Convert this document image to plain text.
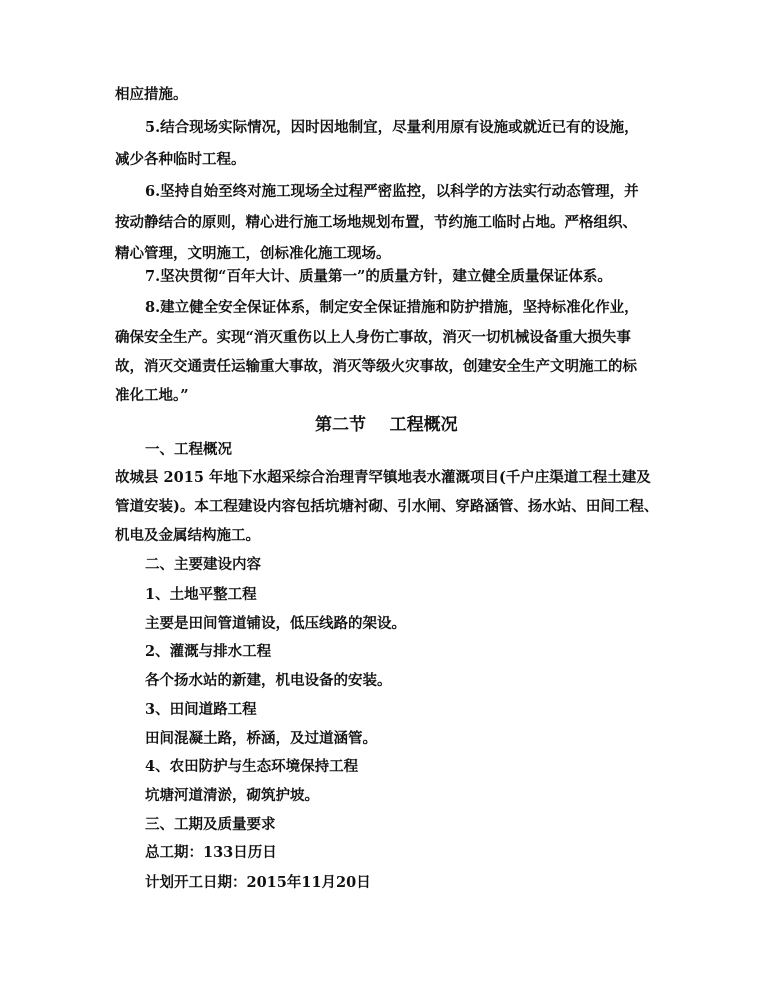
相应措施。
5.结合现场实际情况，因时因地制宜，尽量利用原有设施或就近已有的设施，
减少各种临时工程。
6.坚持自始至终对施工现场全过程严密监控，以科学的方法实行动态管理，并
按动静结合的原则，精心进行施工场地规划布置，节约施工临时占地。严格组织、
精心管理，文明施工，创标准化施工现场。
7.坚决贯彻“百年大计、质量第一”的质量方针，建立健全质量保证体系。
8.建立健全安全保证体系，制定安全保证措施和防护措施，坚持标准化作业，
确保安全生产。实现“消灭重伤以上人身伤亡事故，消灭一切机械设备重大损失事
故，消灭交通责任运输重大事故，消灭等级火灾事故，创建安全生产文明施工的标
准化工地。”
第二节    工程概况
一、工程概况
故城县 2015 年地下水超采综合治理青罕镇地表水灌溉项目(千户庄渠道工程土建及
管道安装)。本工程建设内容包括坑塘衬砌、引水闸、穿路涵管、扬水站、田间工程、
机电及金属结构施工。
二、主要建设内容
1、土地平整工程
主要是田间管道铺设，低压线路的架设。
2、灌溉与排水工程
各个扬水站的新建，机电设备的安装。
3、田间道路工程
田间混凝土路，桥涵，及过道涵管。
4、农田防护与生态环境保持工程
坑塘河道清淤，砌筑护坡。
三、工期及质量要求
总工期：133日历日
计划开工日期：2015年11月20日
